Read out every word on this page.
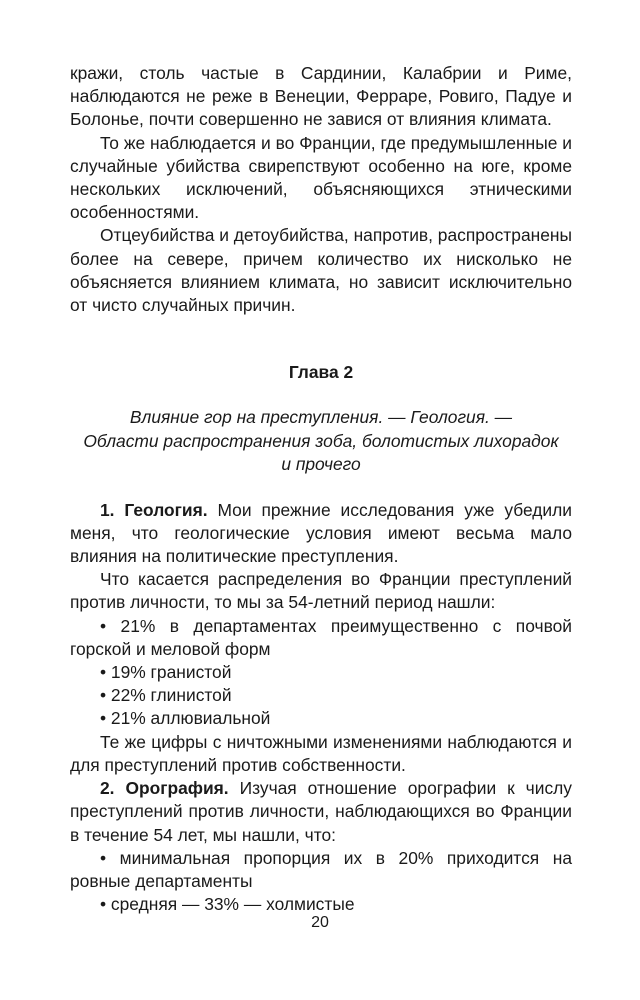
кражи, столь частые в Сардинии, Калабрии и Риме, наблюдаются не реже в Венеции, Ферраре, Ровиго, Падуе и Болонье, почти совершенно не завися от влияния климата.

То же наблюдается и во Франции, где предумышленные и случайные убийства свирепствуют особенно на юге, кроме нескольких исключений, объясняющихся этническими особенностями.

Отцеубийства и детоубийства, напротив, распространены более на севере, причем количество их нисколько не объясняется влиянием климата, но зависит исключительно от чисто случайных причин.

Глава 2

Влияние гор на преступления. — Геология. —
Области распространения зоба, болотистых лихорадок
и прочего

1. Геология. Мои прежние исследования уже убедили меня, что геологические условия имеют весьма мало влияния на политические преступления.

Что касается распределения во Франции преступлений против личности, то мы за 54-летний период нашли:

• 21% в департаментах преимущественно с почвой горской и меловой форм

• 19% гранистой

• 22% глинистой

• 21% аллювиальной

Те же цифры с ничтожными изменениями наблюдаются и для преступлений против собственности.

2. Орография. Изучая отношение орографии к числу преступлений против личности, наблюдающихся во Франции в течение 54 лет, мы нашли, что:

• минимальная пропорция их в 20% приходится на ровные департаменты

• средняя — 33% — холмистые

20
